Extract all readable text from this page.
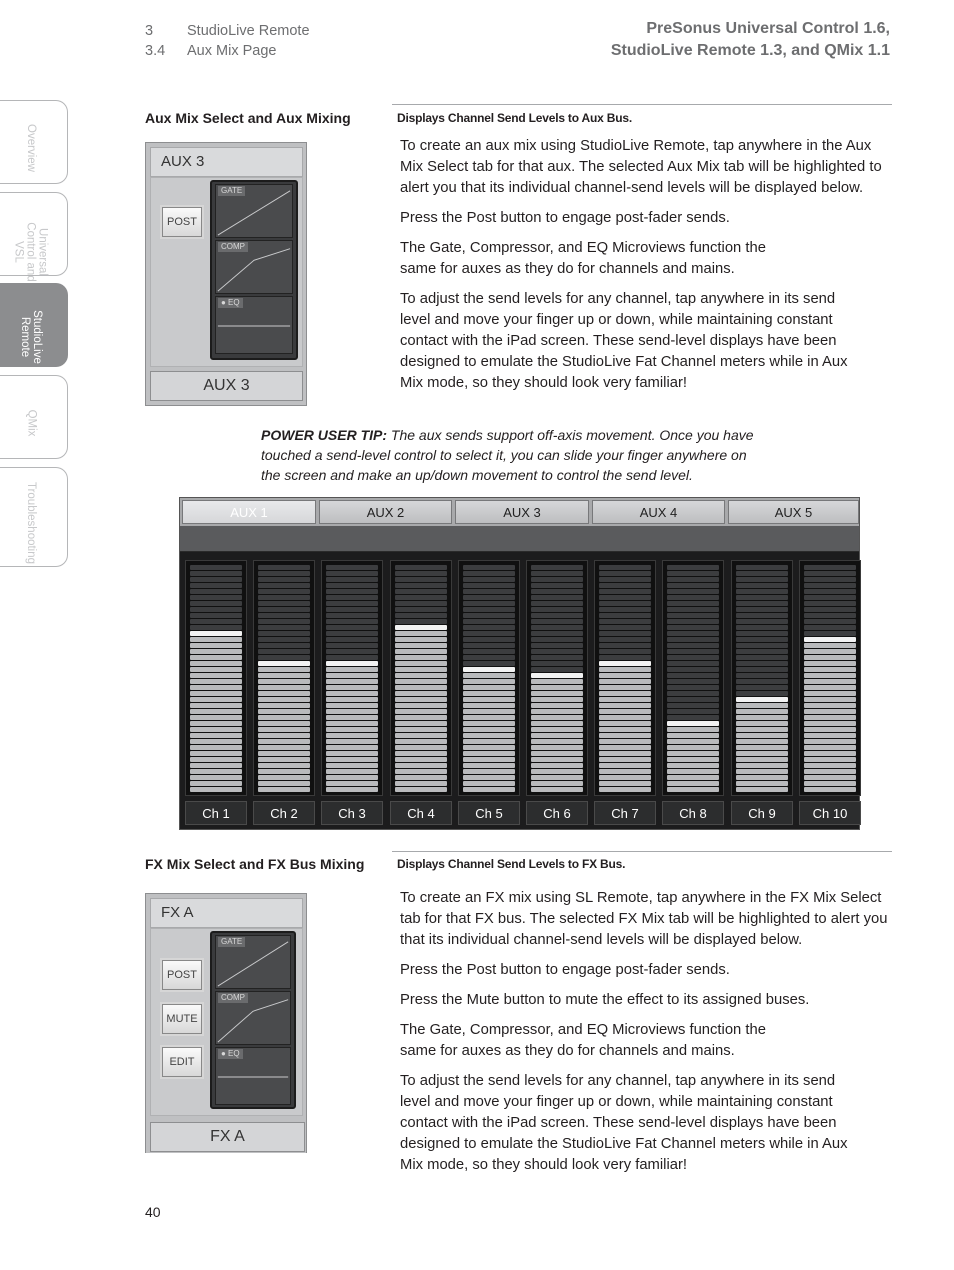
3	StudioLive Remote
3.4	Aux Mix Page
PreSonus Universal Control 1.6,
StudioLive Remote 1.3, and QMix 1.1
Overview
Universal
Control and
VSL
StudioLive
Remote
QMix
Troubleshooting
Aux Mix Select and Aux Mixing	Displays Channel Send Levels to Aux Bus.
AUX 3
POST
GATE
COMP
● EQ
AUX 3

To create an aux mix using StudioLive Remote, tap anywhere in the Aux Mix Select tab for that aux. The selected Aux Mix tab will be highlighted to alert you that its individual channel-send levels will be displayed below.

Press the Post button to engage post-fader sends.

The Gate, Compressor, and EQ Microviews function the same for auxes as they do for channels and mains.

To adjust the send levels for any channel, tap anywhere in its send level and move your finger up or down, while maintaining constant contact with the iPad screen. These send-level displays have been designed to emulate the StudioLive Fat Channel meters while in Aux Mix mode, so they should look very familiar!

POWER USER TIP: The aux sends support off-axis movement. Once you have touched a send-level control to select it, you can slide your finger anywhere on the screen and make an up/down movement to control the send level.
AUX 1	AUX 2	AUX 3	AUX 4	AUX 5
Ch 1	Ch 2	Ch 3	Ch 4	Ch 5	Ch 6	Ch 7	Ch 8	Ch 9	Ch 10
FX Mix Select and FX Bus Mixing	Displays Channel Send Levels to FX Bus.
FX A
POST
MUTE
EDIT
GATE
COMP
● EQ
FX A

To create an FX mix using SL Remote, tap anywhere in the FX Mix Select tab for that FX bus. The selected FX Mix tab will be highlighted to alert you that its individual channel-send levels will be displayed below.

Press the Post button to engage post-fader sends.

Press the Mute button to mute the effect to its assigned buses.

The Gate, Compressor, and EQ Microviews function the same for auxes as they do for channels and mains.

To adjust the send levels for any channel, tap anywhere in its send level and move your finger up or down, while maintaining constant contact with the iPad screen. These send-level displays have been designed to emulate the StudioLive Fat Channel meters while in Aux Mix mode, so they should look very familiar!

40
